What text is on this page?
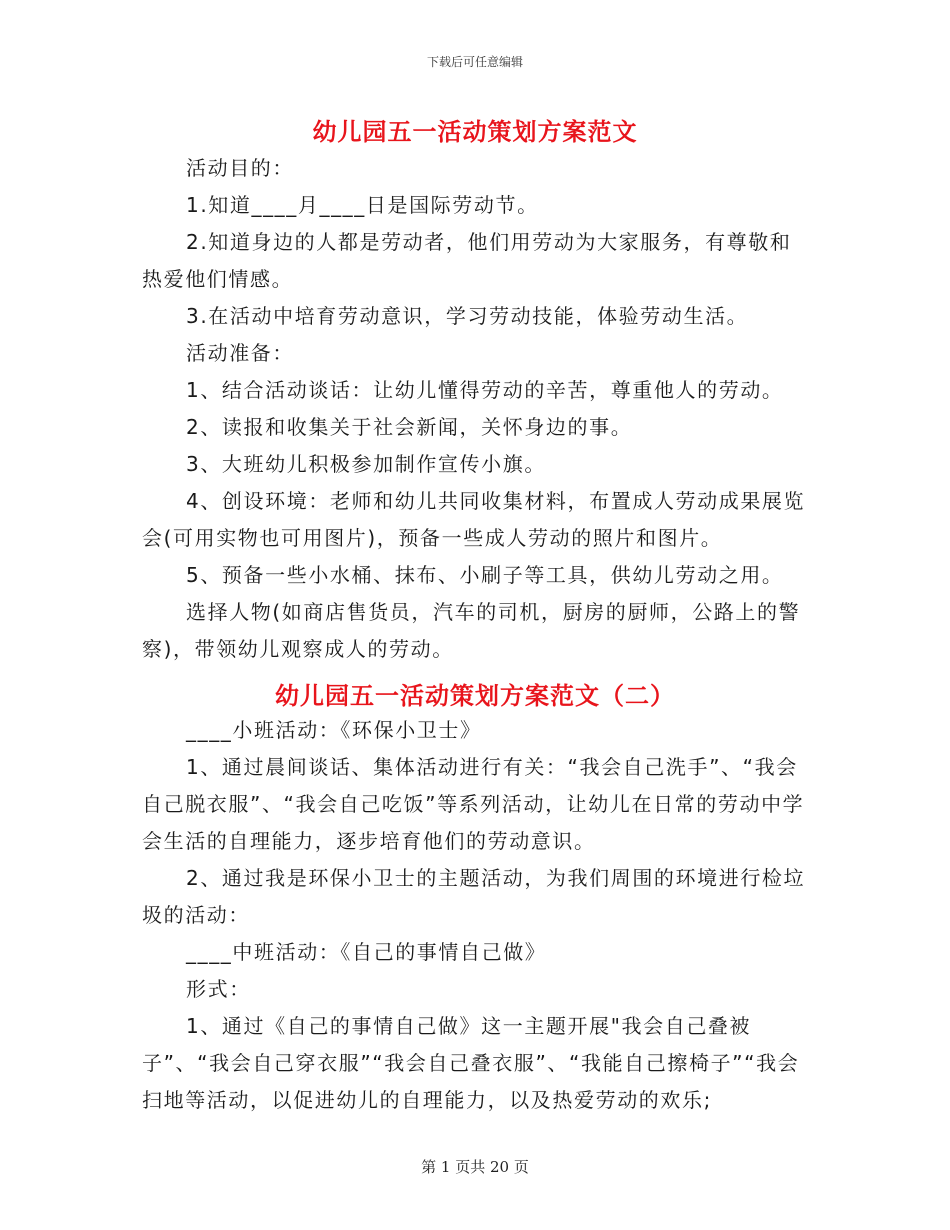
下载后可任意编辑
幼儿园五一活动策划方案范文

活动目的：

1.知道____月____日是国际劳动节。

2.知道身边的人都是劳动者，他们用劳动为大家服务，有尊敬和热爱他们情感。

3.在活动中培育劳动意识，学习劳动技能，体验劳动生活。

活动准备：

1、结合活动谈话：让幼儿懂得劳动的辛苦，尊重他人的劳动。

2、读报和收集关于社会新闻，关怀身边的事。

3、大班幼儿积极参加制作宣传小旗。

4、创设环境：老师和幼儿共同收集材料，布置成人劳动成果展览会(可用实物也可用图片)，预备一些成人劳动的照片和图片。

5、预备一些小水桶、抹布、小刷子等工具，供幼儿劳动之用。

选择人物(如商店售货员，汽车的司机，厨房的厨师，公路上的警察)，带领幼儿观察成人的劳动。

幼儿园五一活动策划方案范文（二）

____小班活动：《环保小卫士》

1、通过晨间谈话、集体活动进行有关：“我会自己洗手”、“我会自己脱衣服”、“我会自己吃饭”等系列活动，让幼儿在日常的劳动中学会生活的自理能力，逐步培育他们的劳动意识。

2、通过我是环保小卫士的主题活动，为我们周围的环境进行检垃圾的活动：

____中班活动：《自己的事情自己做》

形式：

1、通过《自己的事情自己做》这一主题开展"我会自己叠被子”、“我会自己穿衣服”“我会自己叠衣服”、“我能自己擦椅子”“我会扫地等活动，以促进幼儿的自理能力，以及热爱劳动的欢乐;

第 1 页共 20 页
